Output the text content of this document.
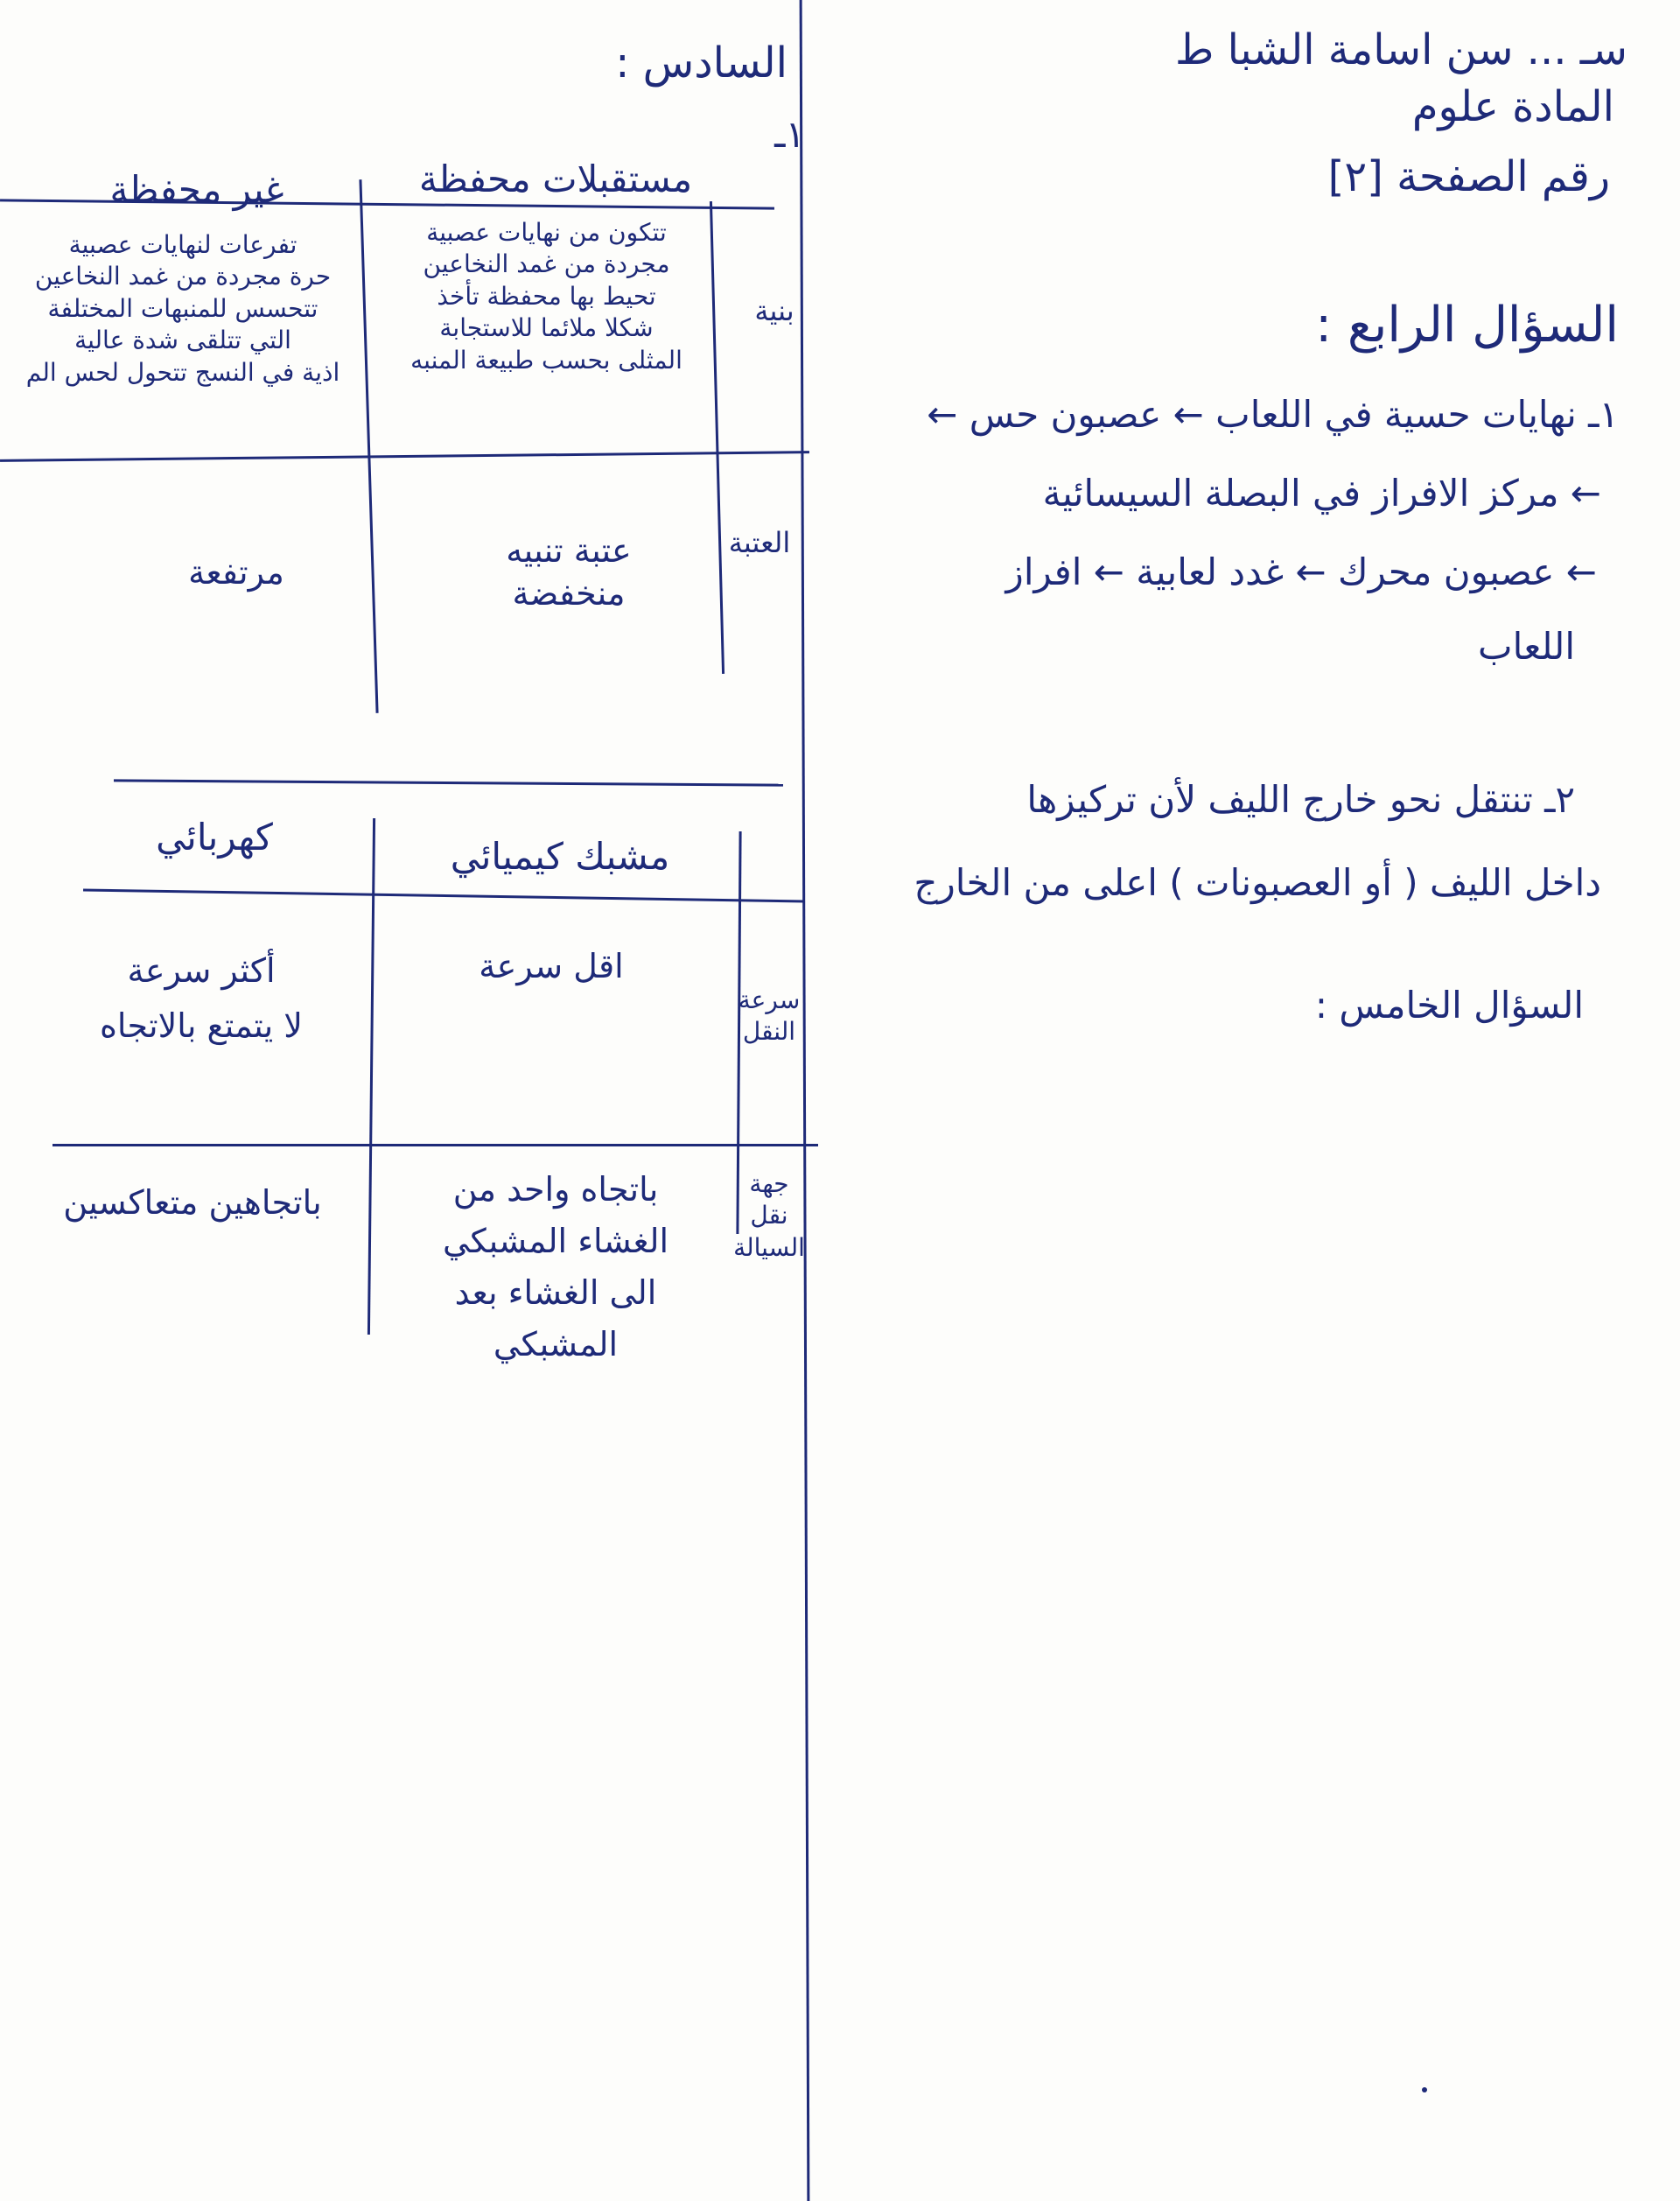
سـ ... سن اسامة الشبا ط
المادة علوم
رقم الصفحة [٢]
السؤال الرابع :
١ـ نهايات حسية في اللعاب ← عصبون حس ←
← مركز الافراز في البصلة السيسائية
← عصبون محرك ← غدد لعابية ← افراز
اللعاب
٢ـ تنتقل نحو خارج الليف لأن تركيزها
داخل الليف ( أو العصبونات ) اعلى من الخارج
السؤال الخامس :
السادس :
١ـ
مستقبلات محفظة
غير محفظة
بنية
تتكون من نهايات عصبية
مجردة من غمد النخاعين
تحيط بها محفظة تأخذ
شكلا ملائما للاستجابة
المثلى بحسب طبيعة المنبه
تفرعات لنهايات عصبية
حرة مجردة من غمد النخاعين
تتحسس للمنبهات المختلفة
التي تتلقى شدة عالية
اذية في النسج تتحول لحس الم
العتبة
عتبة تنبيه
منخفضة
مرتفعة
مشبك كيميائي
كهربائي
سرعة النقل
اقل سرعة
أكثر سرعة
لا يتمتع بالاتجاه
جهة نقل السيالة
باتجاه واحد من
الغشاء المشبكي
الى الغشاء بعد
المشبكي
باتجاهين متعاكسين
